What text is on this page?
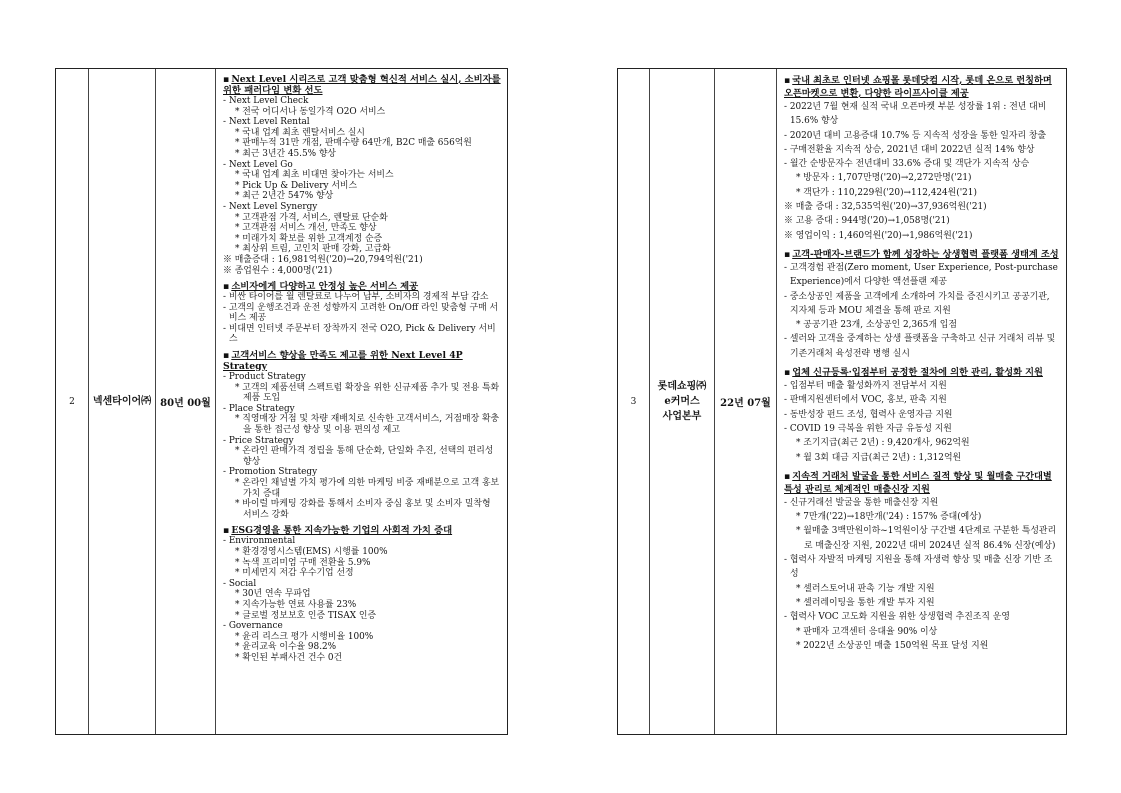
2 넥센타이어㈜ 80년 00월
▪ Next Level 시리즈로 고객 맞춤형 혁신적 서비스 실시, 소비자를 위한 패러다임 변화 선도
- Next Level Check
* 전국 어디서나 동일가격 O2O 서비스
- Next Level Rental
* 국내 업계 최초 렌탈서비스 실시
* 판매누적 31만 개점, 판매수량 64만개, B2C 매출 656억원
* 최근 3년간 45.5% 향상
- Next Level Go
* 국내 업계 최초 비대면 찾아가는 서비스
* Pick Up & Delivery 서비스
* 최근 2년간 547% 향상
- Next Level Synergy
* 고객관점 가격, 서비스, 렌탈료 단순화
* 고객관점 서비스 개선, 만족도 향상
* 미래가치 확보를 위한 고객계정 순증
* 최상위 트림, 고인치 판매 강화, 고급화
※ 매출증대 : 16,981억원('20)→20,794억원('21)
※ 종업원수 : 4,000명('21)
▪ 소비자에게 다양하고 안정성 높은 서비스 제공
- 비싼 타이어를 월 렌탈료로 나누어 납부, 소비자의 경제적 부담 감소
- 고객의 운행조건과 운전 성향까지 고려한 On/Off 라인 맞춤형 구매 서비스 제공
- 비대면 인터넷 주문부터 장착까지 전국 O2O, Pick & Delivery 서비스
▪ 고객서비스 향상을 만족도 제고를 위한 Next Level 4P Strategy
- Product Strategy
* 고객의 제품선택 스펙트럼 확장을 위한 신규제품 추가 및 전용 특화 제품 도입
- Place Strategy
* 직영매장 거점 및 차량 재배치로 신속한 고객서비스, 거점매장 확충을 통한 접근성 향상 및 이용 편의성 제고
- Price Strategy
* 온라인 판매가격 정립을 통해 단순화, 단일화 추진, 선택의 편리성 향상
- Promotion Strategy
* 온라인 채널별 가치 평가에 의한 마케팅 비중 재배분으로 고객 홍보가치 증대
* 바이럴 마케팅 강화를 통해서 소비자 중심 홍보 및 소비자 밀착형 서비스 강화
▪ ESG경영을 통한 지속가능한 기업의 사회적 가치 증대
- Environmental
* 환경경영시스템(EMS) 시행률 100%
* 녹색 프리미엄 구매 전환율 5.9%
* 미세먼지 저감 우수기업 선정
- Social
* 30년 연속 무파업
* 지속가능한 연료 사용률 23%
* 글로벌 정보보호 인증 TISAX 인증
- Governance
* 윤리 리스크 평가 시행비율 100%
* 윤리교육 이수율 98.2%
* 확인된 부패사건 건수 0건
3
롯데쇼핑㈜
e커머스
사업본부
22년 07월
▪ 국내 최초로 인터넷 쇼핑몰 롯데닷컴 시작, 롯데 온으로 런칭하며 오픈마켓으로 변환, 다양한 라이프사이클 제공
- 2022년 7월 현재 실적 국내 오픈마켓 부분 성장률 1위 : 전년 대비 15.6% 향상
- 2020년 대비 고용증대 10.7% 등 지속적 성장을 통한 일자리 창출
- 구매전환율 지속적 상승, 2021년 대비 2022년 실적 14% 향상
- 월간 순방문자수 전년대비 33.6% 증대 및 객단가 지속적 상승
* 방문자 : 1,707만명('20)→2,272만명('21)
* 객단가 : 110,229원('20)→112,424원('21)
※ 매출 증대 : 32,535억원('20)→37,936억원('21)
※ 고용 증대 : 944명('20)→1,058명('21)
※ 영업이익 : 1,460억원('20)→1,986억원('21)
▪ 고객-판매자-브랜드가 함께 성장하는 상생협력 플랫폼 생태계 조성
- 고객경험 관점(Zero moment, User Experience, Post-purchase Experience)에서 다양한 액션플랜 제공
- 중소상공인 제품을 고객에게 소개하여 가치를 증진시키고 공공기관, 지자체 등과 MOU 체결을 통해 판로 지원
* 공공기관 23개, 소상공인 2,365개 입점
- 셀러와 고객을 중계하는 상생 플랫폼을 구축하고 신규 거래처 리뷰 및 기존거래처 육성전략 병행 실시
▪ 업체 신규등록·입점부터 공정한 절차에 의한 관리, 활성화 지원
- 입점부터 매출 활성화까지 전담부서 지원
- 판매지원센터에서 VOC, 홍보, 판촉 지원
- 동반성장 펀드 조성, 협력사 운영자금 지원
- COVID 19 극복을 위한 자금 유동성 지원
* 조기지급(최근 2년) : 9,420개사, 962억원
* 월 3회 대금 지급(최근 2년) : 1,312억원
▪ 지속적 거래처 발굴을 통한 서비스 질적 향상 및 월매출 구간대별 특성 관리로 체계적인 매출신장 지원
- 신규거래선 발굴을 통한 매출신장 지원
* 7만개('22)→18만개('24) : 157% 증대(예상)
* 월매출 3백만원이하~1억원이상 구간별 4단계로 구분한 특성관리로 매출신장 지원, 2022년 대비 2024년 실적 86.4% 신장(예상)
- 협력사 자발적 마케팅 지원을 통해 자생력 향상 및 매출 신장 기반 조성
* 셀러스토어내 판촉 기능 개발 지원
* 셀러레이팅을 통한 개발 투자 지원
- 협력사 VOC 고도화 지원을 위한 상생협력 추진조직 운영
* 판매자 고객센터 응대율 90% 이상
* 2022년 소상공인 매출 150억원 목표 달성 지원
